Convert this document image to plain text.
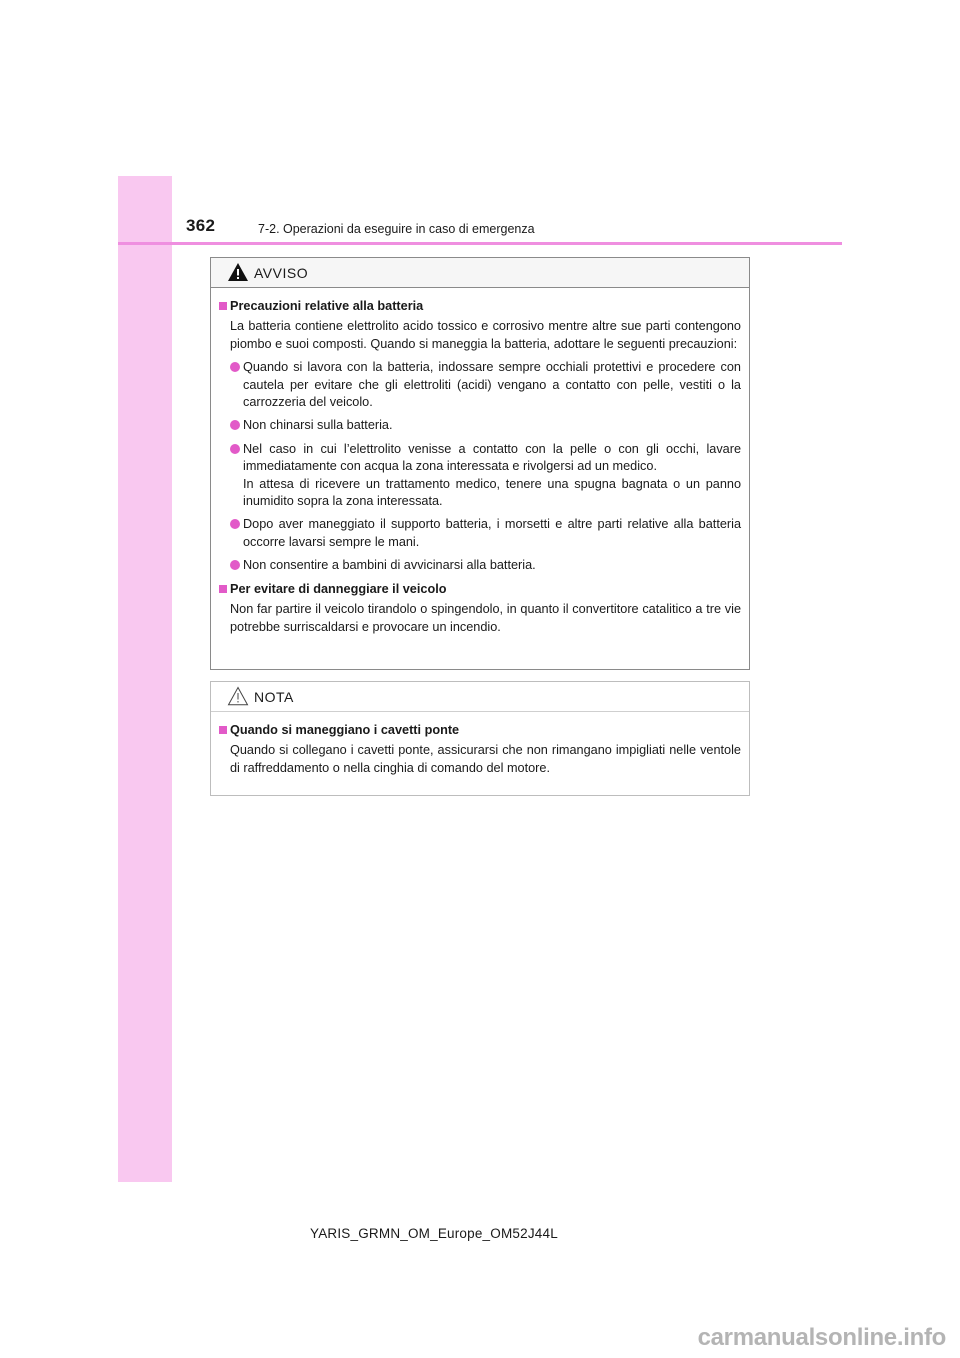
362	7-2. Operazioni da eseguire in caso di emergenza
AVVISO
Precauzioni relative alla batteria
La batteria contiene elettrolito acido tossico e corrosivo mentre altre sue parti contengono piombo e suoi composti. Quando si maneggia la batteria, adottare le seguenti precauzioni:
Quando si lavora con la batteria, indossare sempre occhiali protettivi e procedere con cautela per evitare che gli elettroliti (acidi) vengano a contatto con pelle, vestiti o la carrozzeria del veicolo.
Non chinarsi sulla batteria.
Nel caso in cui l’elettrolito venisse a contatto con la pelle o con gli occhi, lavare immediatamente con acqua la zona interessata e rivolgersi ad un medico.
In attesa di ricevere un trattamento medico, tenere una spugna bagnata o un panno inumidito sopra la zona interessata.
Dopo aver maneggiato il supporto batteria, i morsetti e altre parti relative alla batteria occorre lavarsi sempre le mani.
Non consentire a bambini di avvicinarsi alla batteria.
Per evitare di danneggiare il veicolo
Non far partire il veicolo tirandolo o spingendolo, in quanto il convertitore catalitico a tre vie potrebbe surriscaldarsi e provocare un incendio.
NOTA
Quando si maneggiano i cavetti ponte
Quando si collegano i cavetti ponte, assicurarsi che non rimangano impigliati nelle ventole di raffreddamento o nella cinghia di comando del motore.
YARIS_GRMN_OM_Europe_OM52J44L
carmanualsonline.info
